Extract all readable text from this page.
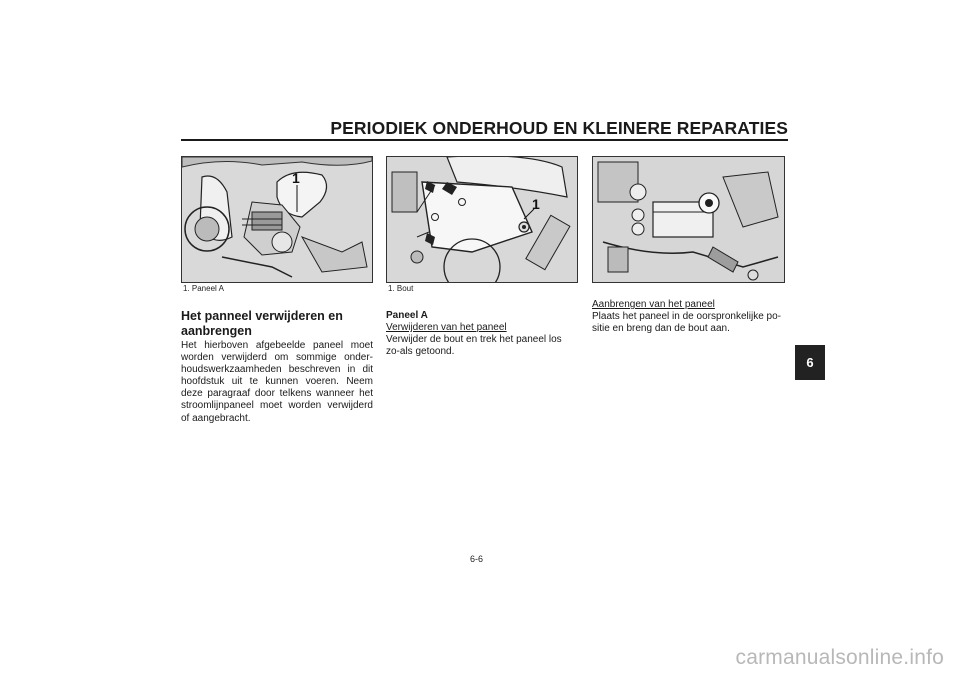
PERIODIEK ONDERHOUD EN KLEINERE REPARATIES
6
1
1
1. Paneel A	1. Bout
Het panneel verwijderen en aanbrengen
Het hierboven afgebeelde paneel moet worden verwijderd om sommige onder-houdswerkzaamheden beschreven in dit hoofdstuk uit te kunnen voeren. Neem deze paragraaf door telkens wanneer het stroomlijnpaneel moet worden verwijderd of aangebracht.
Paneel A
Verwijderen van het paneel
Verwijder de bout en trek het paneel los zo-als getoond.
Aanbrengen van het paneel
Plaats het paneel in de oorspronkelijke po-sitie en breng dan de bout aan.
6-6
carmanualsonline.info
